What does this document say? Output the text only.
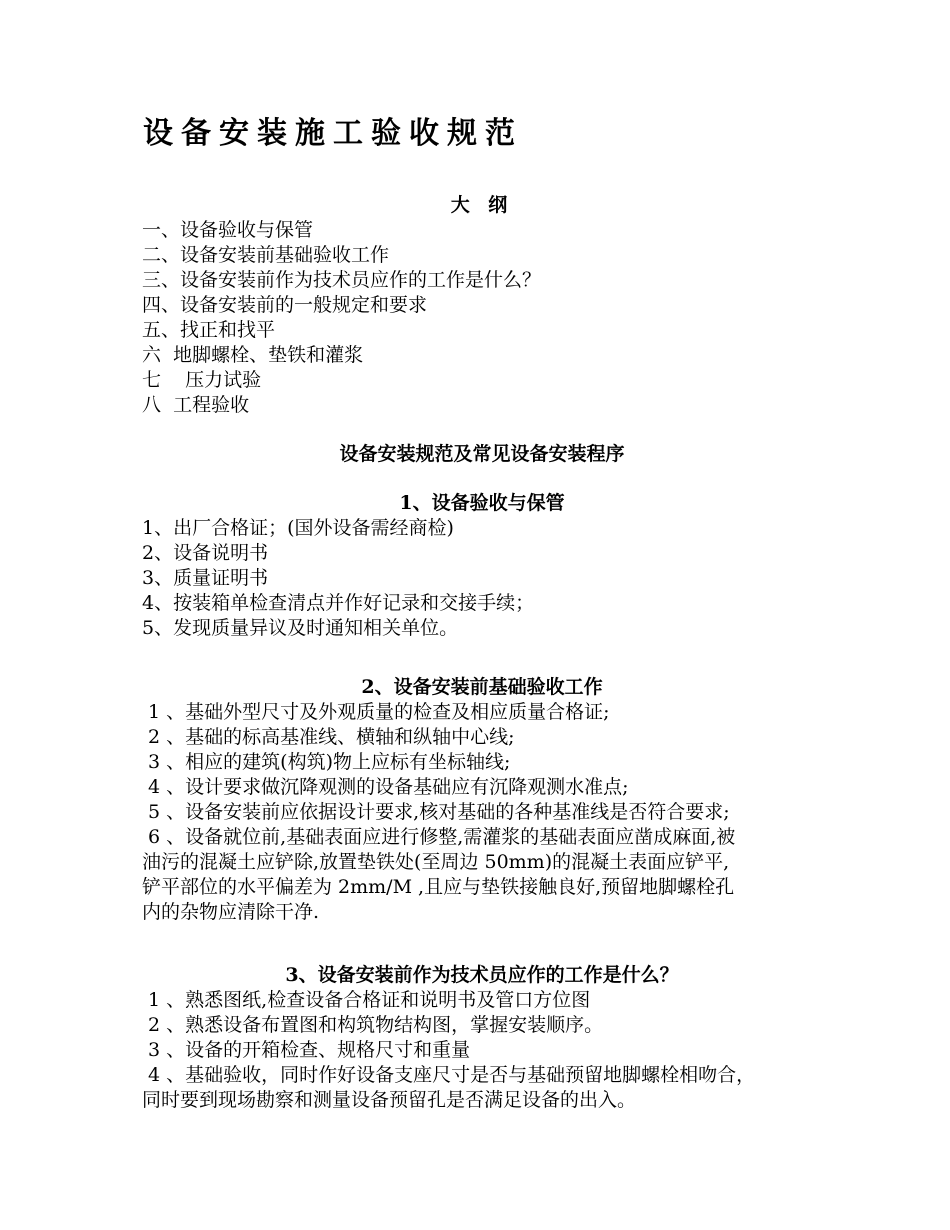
设备安装施工验收规范
大 纲
一、设备验收与保管
二、设备安装前基础验收工作
三、设备安装前作为技术员应作的工作是什么？
四、设备安装前的一般规定和要求
五、找正和找平
六  地脚螺栓、垫铁和灌浆
七    压力试验
八  工程验收
设备安装规范及常见设备安装程序
1、设备验收与保管
1、出厂合格证；(国外设备需经商检)
2、设备说明书
3、质量证明书
4、按装箱单检查清点并作好记录和交接手续；
5、发现质量异议及时通知相关单位。
2、设备安装前基础验收工作
1 、基础外型尺寸及外观质量的检查及相应质量合格证;
2 、基础的标高基准线、横轴和纵轴中心线;
3 、相应的建筑(构筑)物上应标有坐标轴线;
4 、设计要求做沉降观测的设备基础应有沉降观测水准点;
5 、设备安装前应依据设计要求,核对基础的各种基准线是否符合要求;
6 、设备就位前,基础表面应进行修整,需灌浆的基础表面应凿成麻面,被
油污的混凝土应铲除,放置垫铁处(至周边 50mm)的混凝土表面应铲平,
铲平部位的水平偏差为 2mm/M ,且应与垫铁接触良好,预留地脚螺栓孔
内的杂物应清除干净.
3、设备安装前作为技术员应作的工作是什么？
1 、熟悉图纸,检查设备合格证和说明书及管口方位图
2 、熟悉设备布置图和构筑物结构图，掌握安装顺序。
3 、设备的开箱检查、规格尺寸和重量
4 、基础验收，同时作好设备支座尺寸是否与基础预留地脚螺栓相吻合，
同时要到现场勘察和测量设备预留孔是否满足设备的出入。
